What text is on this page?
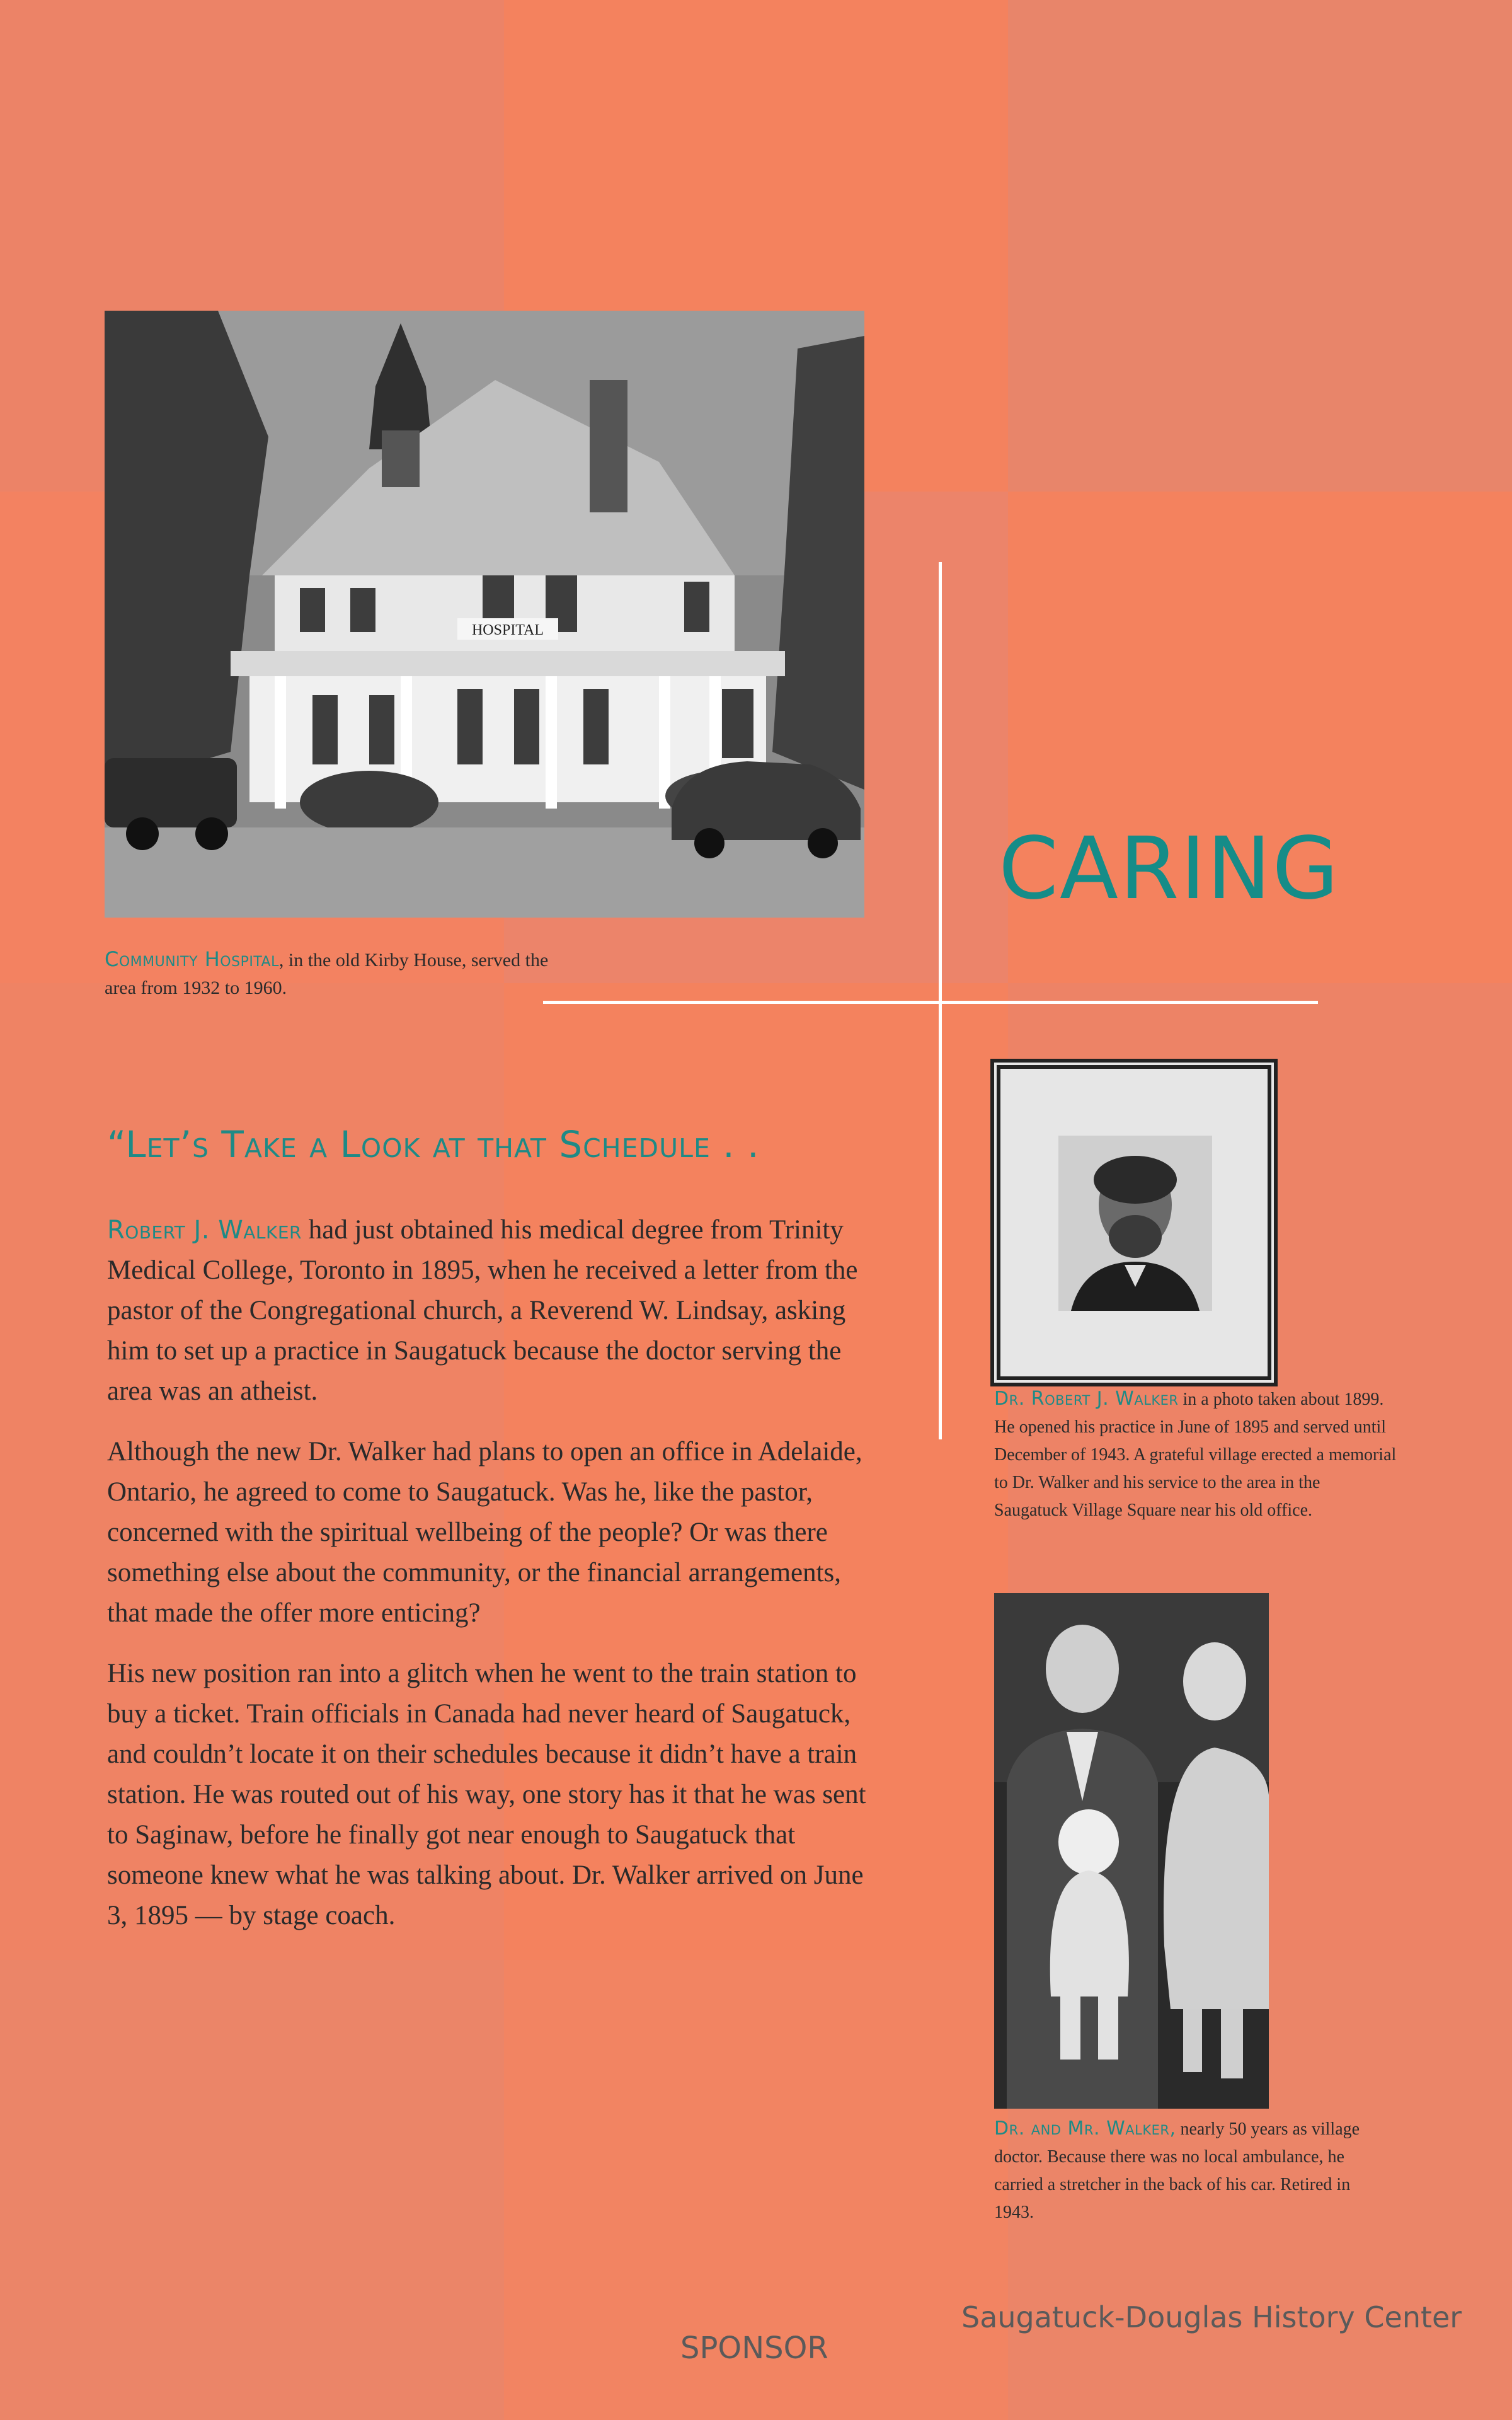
HOSPITAL
Community Hospital, in the old Kirby House, served the area from 1932 to 1960.
CARING
“Let’s Take a Look at that Schedule . .

Robert J. Walker had just obtained his medical degree from Trinity Medical College, Toronto in 1895, when he received a letter from the pastor of the Congregational church, a Reverend W. Lindsay, asking him to set up a practice in Saugatuck because the doctor serving the area was an atheist.

Although the new Dr. Walker had plans to open an office in Adelaide, Ontario, he agreed to come to Saugatuck. Was he, like the pastor, concerned with the spiritual wellbeing of the people? Or was there something else about the community, or the financial arrangements, that made the offer more enticing?

His new position ran into a glitch when he went to the train station to buy a ticket. Train officials in Canada had never heard of Saugatuck, and couldn’t locate it on their schedules because it didn’t have a train station. He was routed out of his way, one story has it that he was sent to Saginaw, before he finally got near enough to Saugatuck that someone knew what he was talking about. Dr. Walker arrived on June 3, 1895 — by stage coach.

Dr. Robert J. Walker in a photo taken about 1899. He opened his practice in June of 1895 and served until December of 1943. A grateful village erected a memorial to Dr. Walker and his service to the area in the Saugatuck Village Square near his old office.
Dr. and Mr. Walker, nearly 50 years as village doctor. Because there was no local ambulance, he carried a stretcher in the back of his car. Retired in 1943.
SPONSOR
Saugatuck-Douglas History Center
